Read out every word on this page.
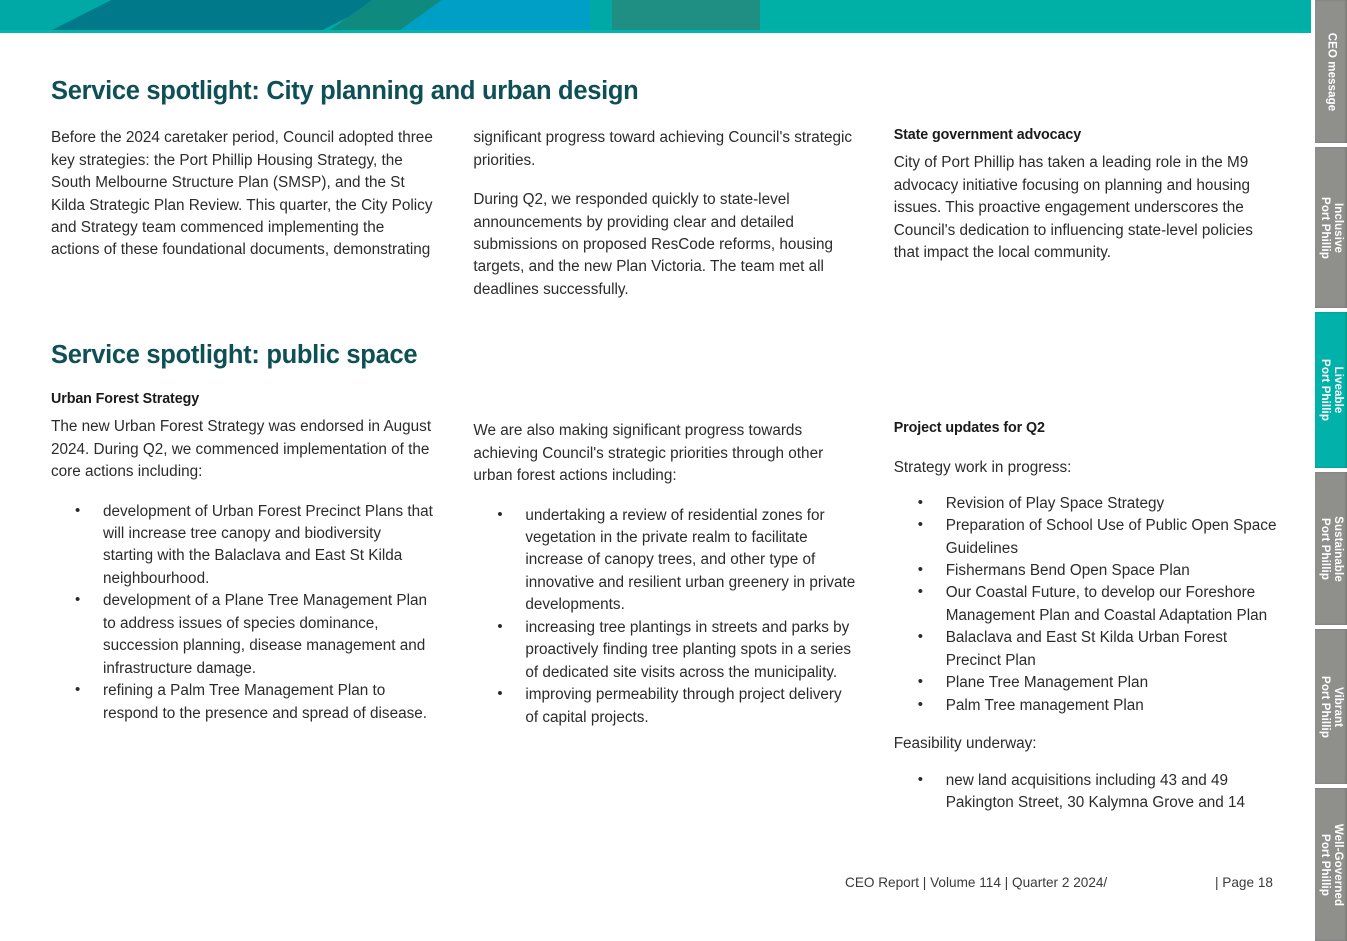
Service spotlight: City planning and urban design

Before the 2024 caretaker period, Council adopted three key strategies: the Port Phillip Housing Strategy, the South Melbourne Structure Plan (SMSP), and the St Kilda Strategic Plan Review. This quarter, the City Policy and Strategy team commenced implementing the actions of these foundational documents, demonstrating

significant progress toward achieving Council's strategic priorities.

During Q2, we responded quickly to state-level announcements by providing clear and detailed submissions on proposed ResCode reforms, housing targets, and the new Plan Victoria. The team met all deadlines successfully.

State government advocacy

City of Port Phillip has taken a leading role in the M9 advocacy initiative focusing on planning and housing issues. This proactive engagement underscores the Council's dedication to influencing state-level policies that impact the local community.

Service spotlight: public space

Urban Forest Strategy

The new Urban Forest Strategy was endorsed in August 2024. During Q2, we commenced implementation of the core actions including:

• development of Urban Forest Precinct Plans that will increase tree canopy and biodiversity starting with the Balaclava and East St Kilda neighbourhood.
• development of a Plane Tree Management Plan to address issues of species dominance, succession planning, disease management and infrastructure damage.
• refining a Palm Tree Management Plan to respond to the presence and spread of disease.

We are also making significant progress towards achieving Council's strategic priorities through other urban forest actions including:

• undertaking a review of residential zones for vegetation in the private realm to facilitate increase of canopy trees, and other type of innovative and resilient urban greenery in private developments.
• increasing tree plantings in streets and parks by proactively finding tree planting spots in a series of dedicated site visits across the municipality.
• improving permeability through project delivery of capital projects.

Project updates for Q2

Strategy work in progress:

• Revision of Play Space Strategy
• Preparation of School Use of Public Open Space Guidelines
• Fishermans Bend Open Space Plan
• Our Coastal Future, to develop our Foreshore Management Plan and Coastal Adaptation Plan
• Balaclava and East St Kilda Urban Forest Precinct Plan
• Plane Tree Management Plan
• Palm Tree management Plan

Feasibility underway:

• new land acquisitions including 43 and 49 Pakington Street, 30 Kalymna Grove and 14
CEO Report | Volume 114 | Quarter 2 2024/	| Page 18
CEO message
Inclusive
Port Phillip
Liveable
Port Phillip
Sustainable
Port Phillip
Vibrant
Port Phillip
Well-Governed
Port Phillip
